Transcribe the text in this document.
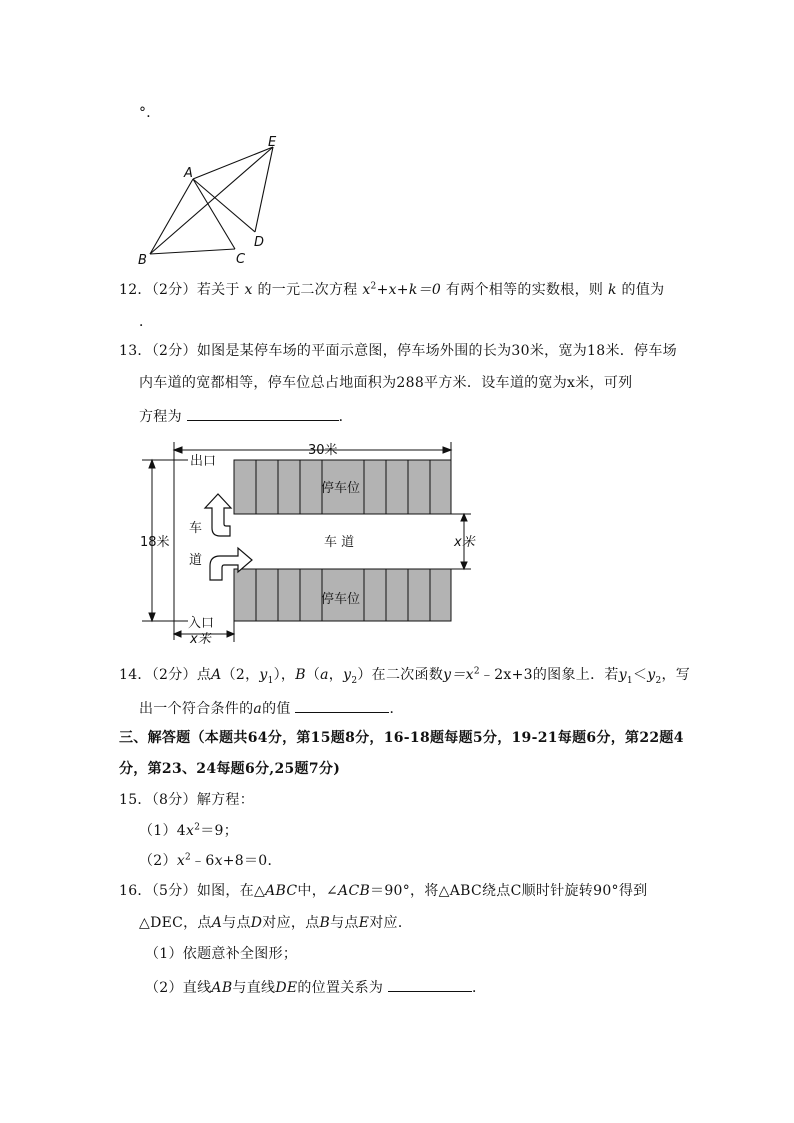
°．
A
B	C
D
E
12．（2分）若关于 x 的一元二次方程 $x^2+x+k=0$ 有两个相等的实数根，则 k 的值为
．
13．（2分）如图是某停车场的平面示意图，停车场外围的长为30米，宽为18米．停车场
内车道的宽都相等，停车位总占地面积为288平方米．设车道的宽为x米，可列
方程为	．
30米
18米
出口
入口
停车位
停车位
车 道
车
道
x米
x米
14．（2分）点A（2，$y_1$），B（a，$y_2$）在二次函数$y=x^2﹣2x+3$的图象上．若$y_1<y_2$，写
出一个符合条件的a的值	．
三、解答题（本题共64分，第15题8分，16-18题每题5分，19-21每题6分，第22题4
分，第23、24每题6分,25题7分)
15．（8分）解方程：
$(1)4x^2=9$；
$(2)x^2﹣6x+8=0$．
16．（5分）如图，在△ABC中，∠ACB＝90°，将△ABC绕点C顺时针旋转90°得到
△DEC，点A与点D对应，点B与点E对应．
（1）依题意补全图形；
（2）直线AB与直线DE的位置关系为	．
